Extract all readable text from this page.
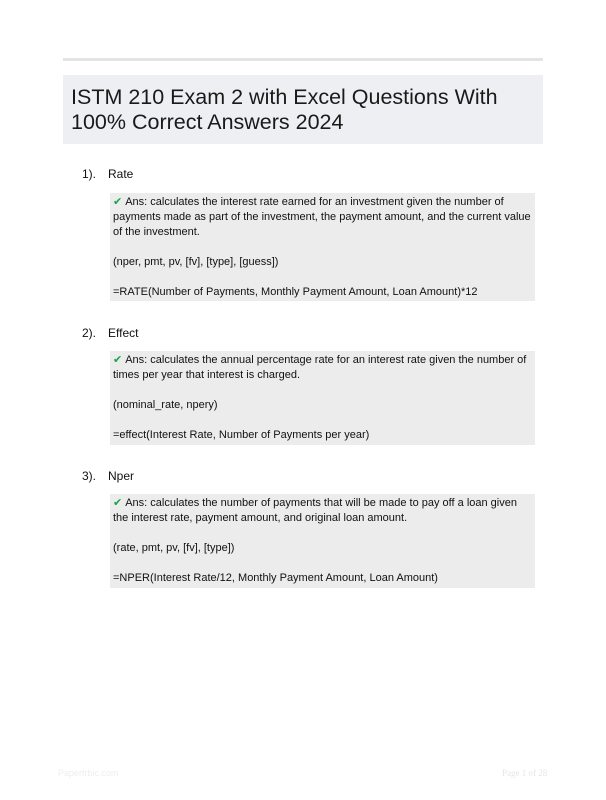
ISTM 210 Exam 2 with Excel Questions With 100% Correct Answers 2024
1). Rate

✔ Ans: calculates the interest rate earned for an investment given the number of payments made as part of the investment, the payment amount, and the current value of the investment.

(nper, pmt, pv, [fv], [type], [guess])

=RATE(Number of Payments, Monthly Payment Amount, Loan Amount)*12

2). Effect

✔ Ans: calculates the annual percentage rate for an interest rate given the number of times per year that interest is charged.

(nominal_rate, npery)

=effect(Interest Rate, Number of Payments per year)

3). Nper

✔ Ans: calculates the number of payments that will be made to pay off a loan given the interest rate, payment amount, and original loan amount.

(rate, pmt, pv, [fv], [type])

=NPER(Interest Rate/12, Monthly Payment Amount, Loan Amount)

Papertrbic.com	Page 1 of 28
